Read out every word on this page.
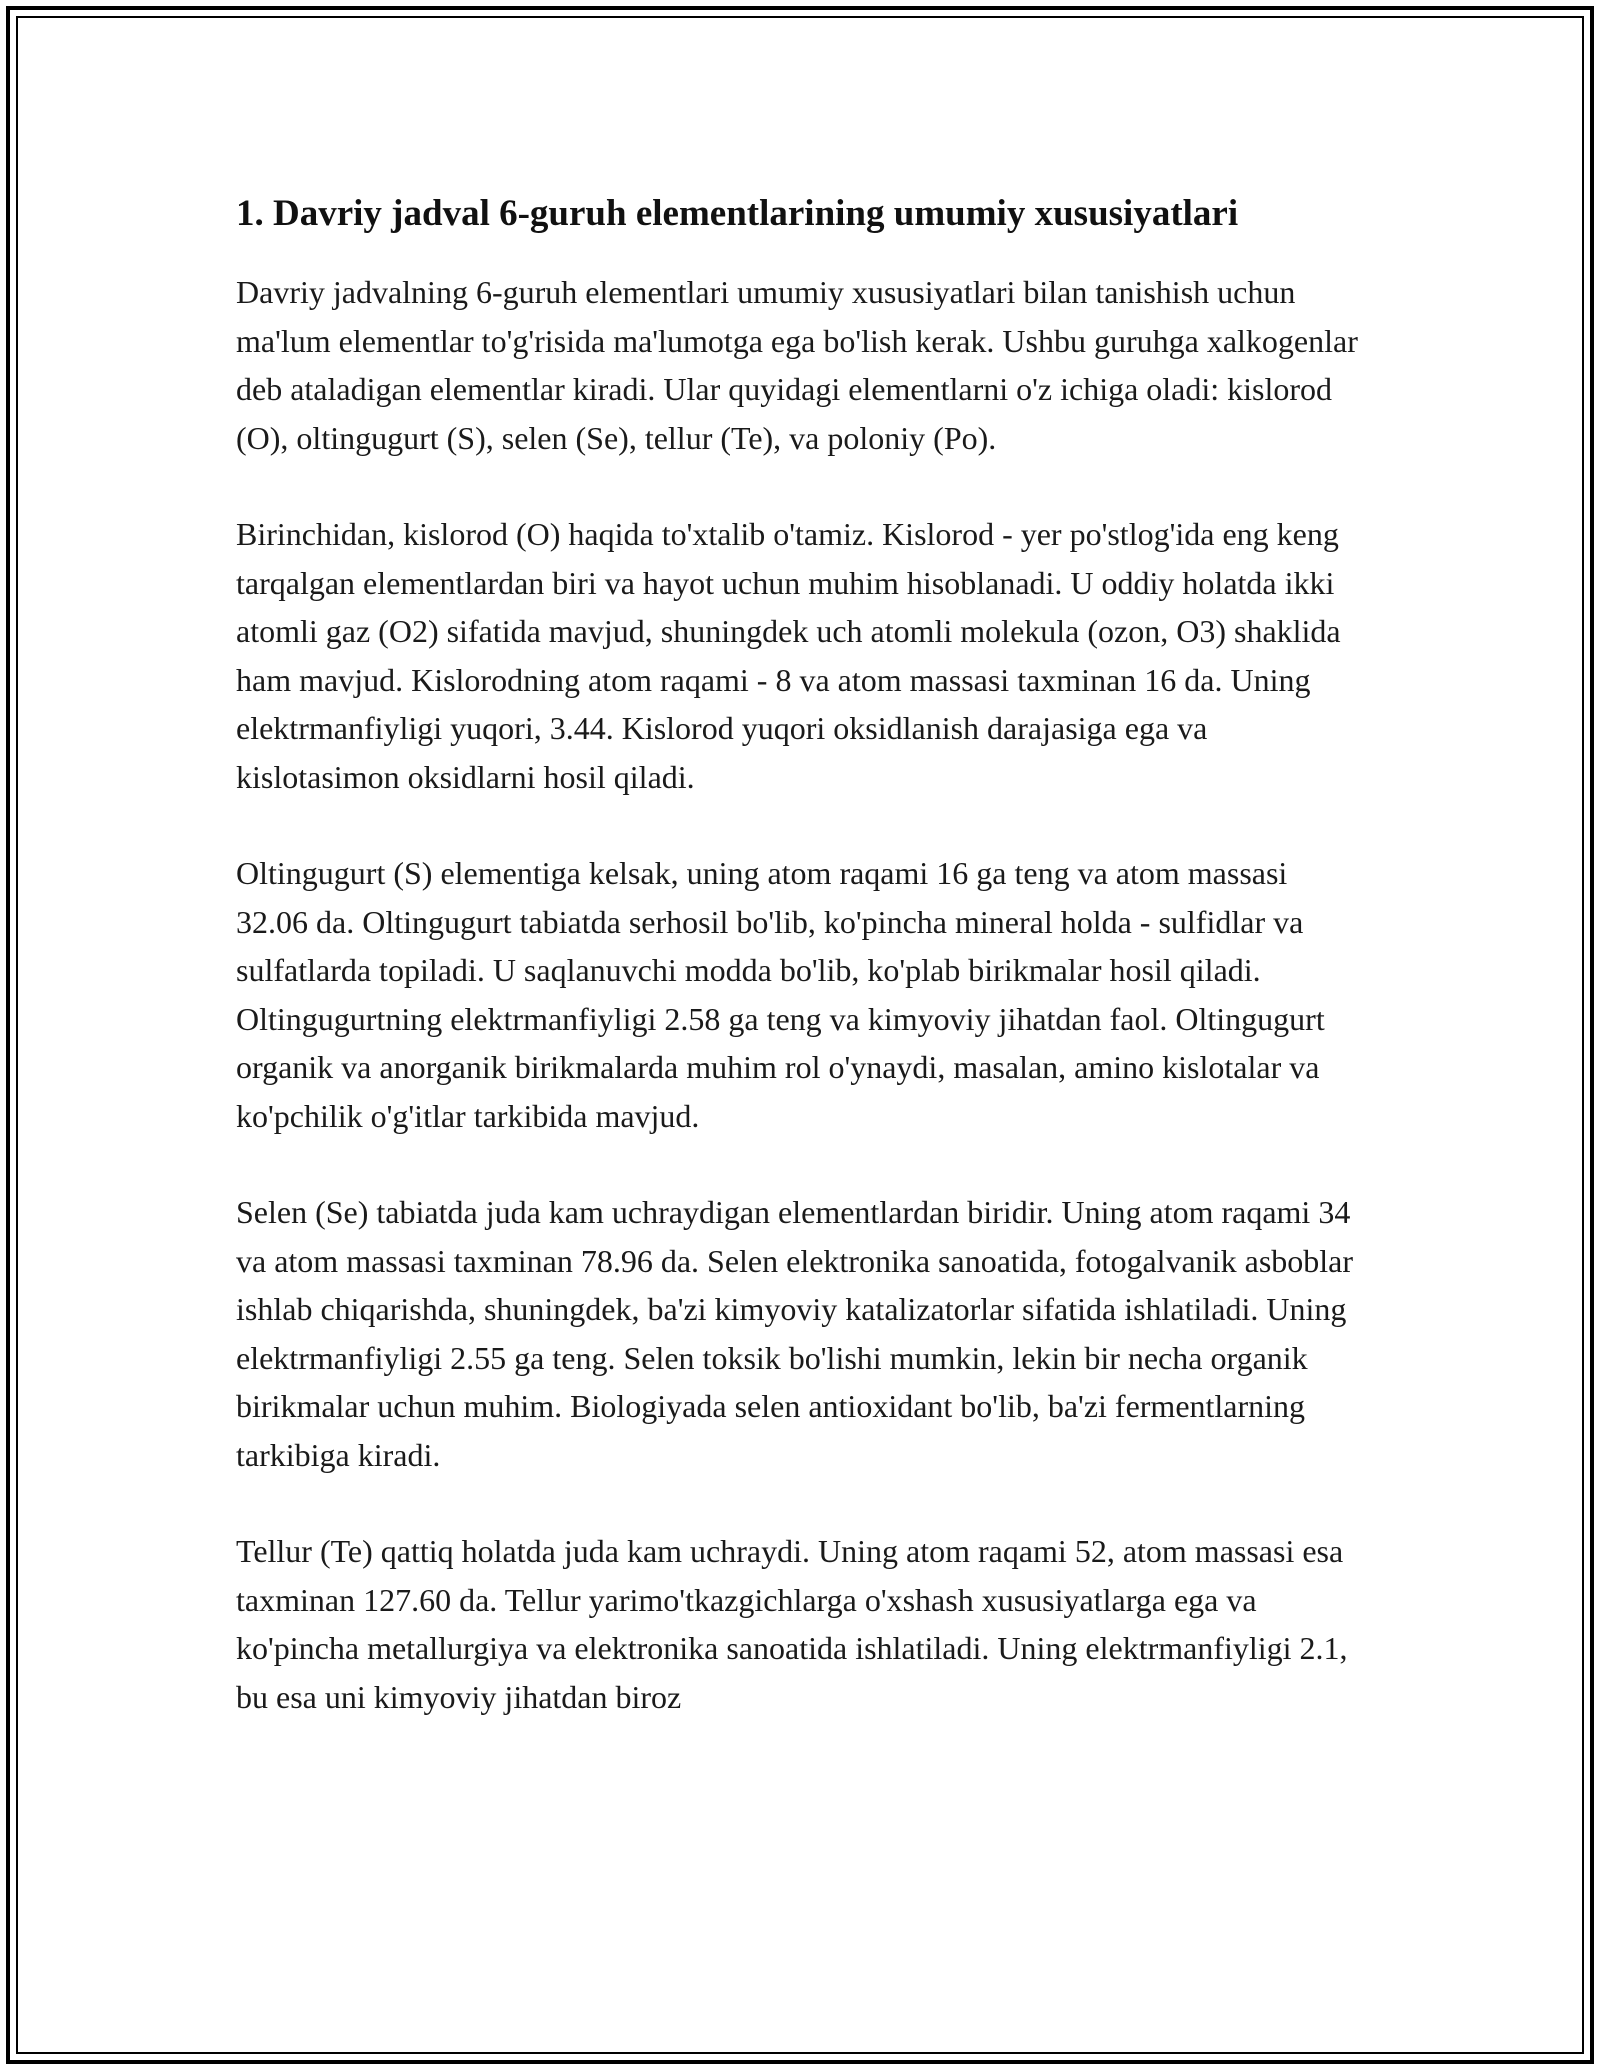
1. Davriy jadval 6-guruh elementlarining umumiy xususiyatlari

Davriy jadvalning 6-guruh elementlari umumiy xususiyatlari bilan tanishish uchun ma'lum elementlar to'g'risida ma'lumotga ega bo'lish kerak. Ushbu guruhga xalkogenlar deb ataladigan elementlar kiradi. Ular quyidagi elementlarni o'z ichiga oladi: kislorod (O), oltingugurt (S), selen (Se), tellur (Te), va poloniy (Po).

Birinchidan, kislorod (O) haqida to'xtalib o'tamiz. Kislorod - yer po'stlog'ida eng keng tarqalgan elementlardan biri va hayot uchun muhim hisoblanadi. U oddiy holatda ikki atomli gaz (O2) sifatida mavjud, shuningdek uch atomli molekula (ozon, O3) shaklida ham mavjud. Kislorodning atom raqami - 8 va atom massasi taxminan 16 da. Uning elektrmanfiyligi yuqori, 3.44. Kislorod yuqori oksidlanish darajasiga ega va kislotasimon oksidlarni hosil qiladi.

Oltingugurt (S) elementiga kelsak, uning atom raqami 16 ga teng va atom massasi 32.06 da. Oltingugurt tabiatda serhosil bo'lib, ko'pincha mineral holda - sulfidlar va sulfatlarda topiladi. U saqlanuvchi modda bo'lib, ko'plab birikmalar hosil qiladi. Oltingugurtning elektrmanfiyligi 2.58 ga teng va kimyoviy jihatdan faol. Oltingugurt organik va anorganik birikmalarda muhim rol o'ynaydi, masalan, amino kislotalar va ko'pchilik o'g'itlar tarkibida mavjud.

Selen (Se) tabiatda juda kam uchraydigan elementlardan biridir. Uning atom raqami 34 va atom massasi taxminan 78.96 da. Selen elektronika sanoatida, fotogalvanik asboblar ishlab chiqarishda, shuningdek, ba'zi kimyoviy katalizatorlar sifatida ishlatiladi. Uning elektrmanfiyligi 2.55 ga teng. Selen toksik bo'lishi mumkin, lekin bir necha organik birikmalar uchun muhim. Biologiyada selen antioxidant bo'lib, ba'zi fermentlarning tarkibiga kiradi.

Tellur (Te) qattiq holatda juda kam uchraydi. Uning atom raqami 52, atom massasi esa taxminan 127.60 da. Tellur yarimo'tkazgichlarga o'xshash xususiyatlarga ega va ko'pincha metallurgiya va elektronika sanoatida ishlatiladi. Uning elektrmanfiyligi 2.1, bu esa uni kimyoviy jihatdan biroz
